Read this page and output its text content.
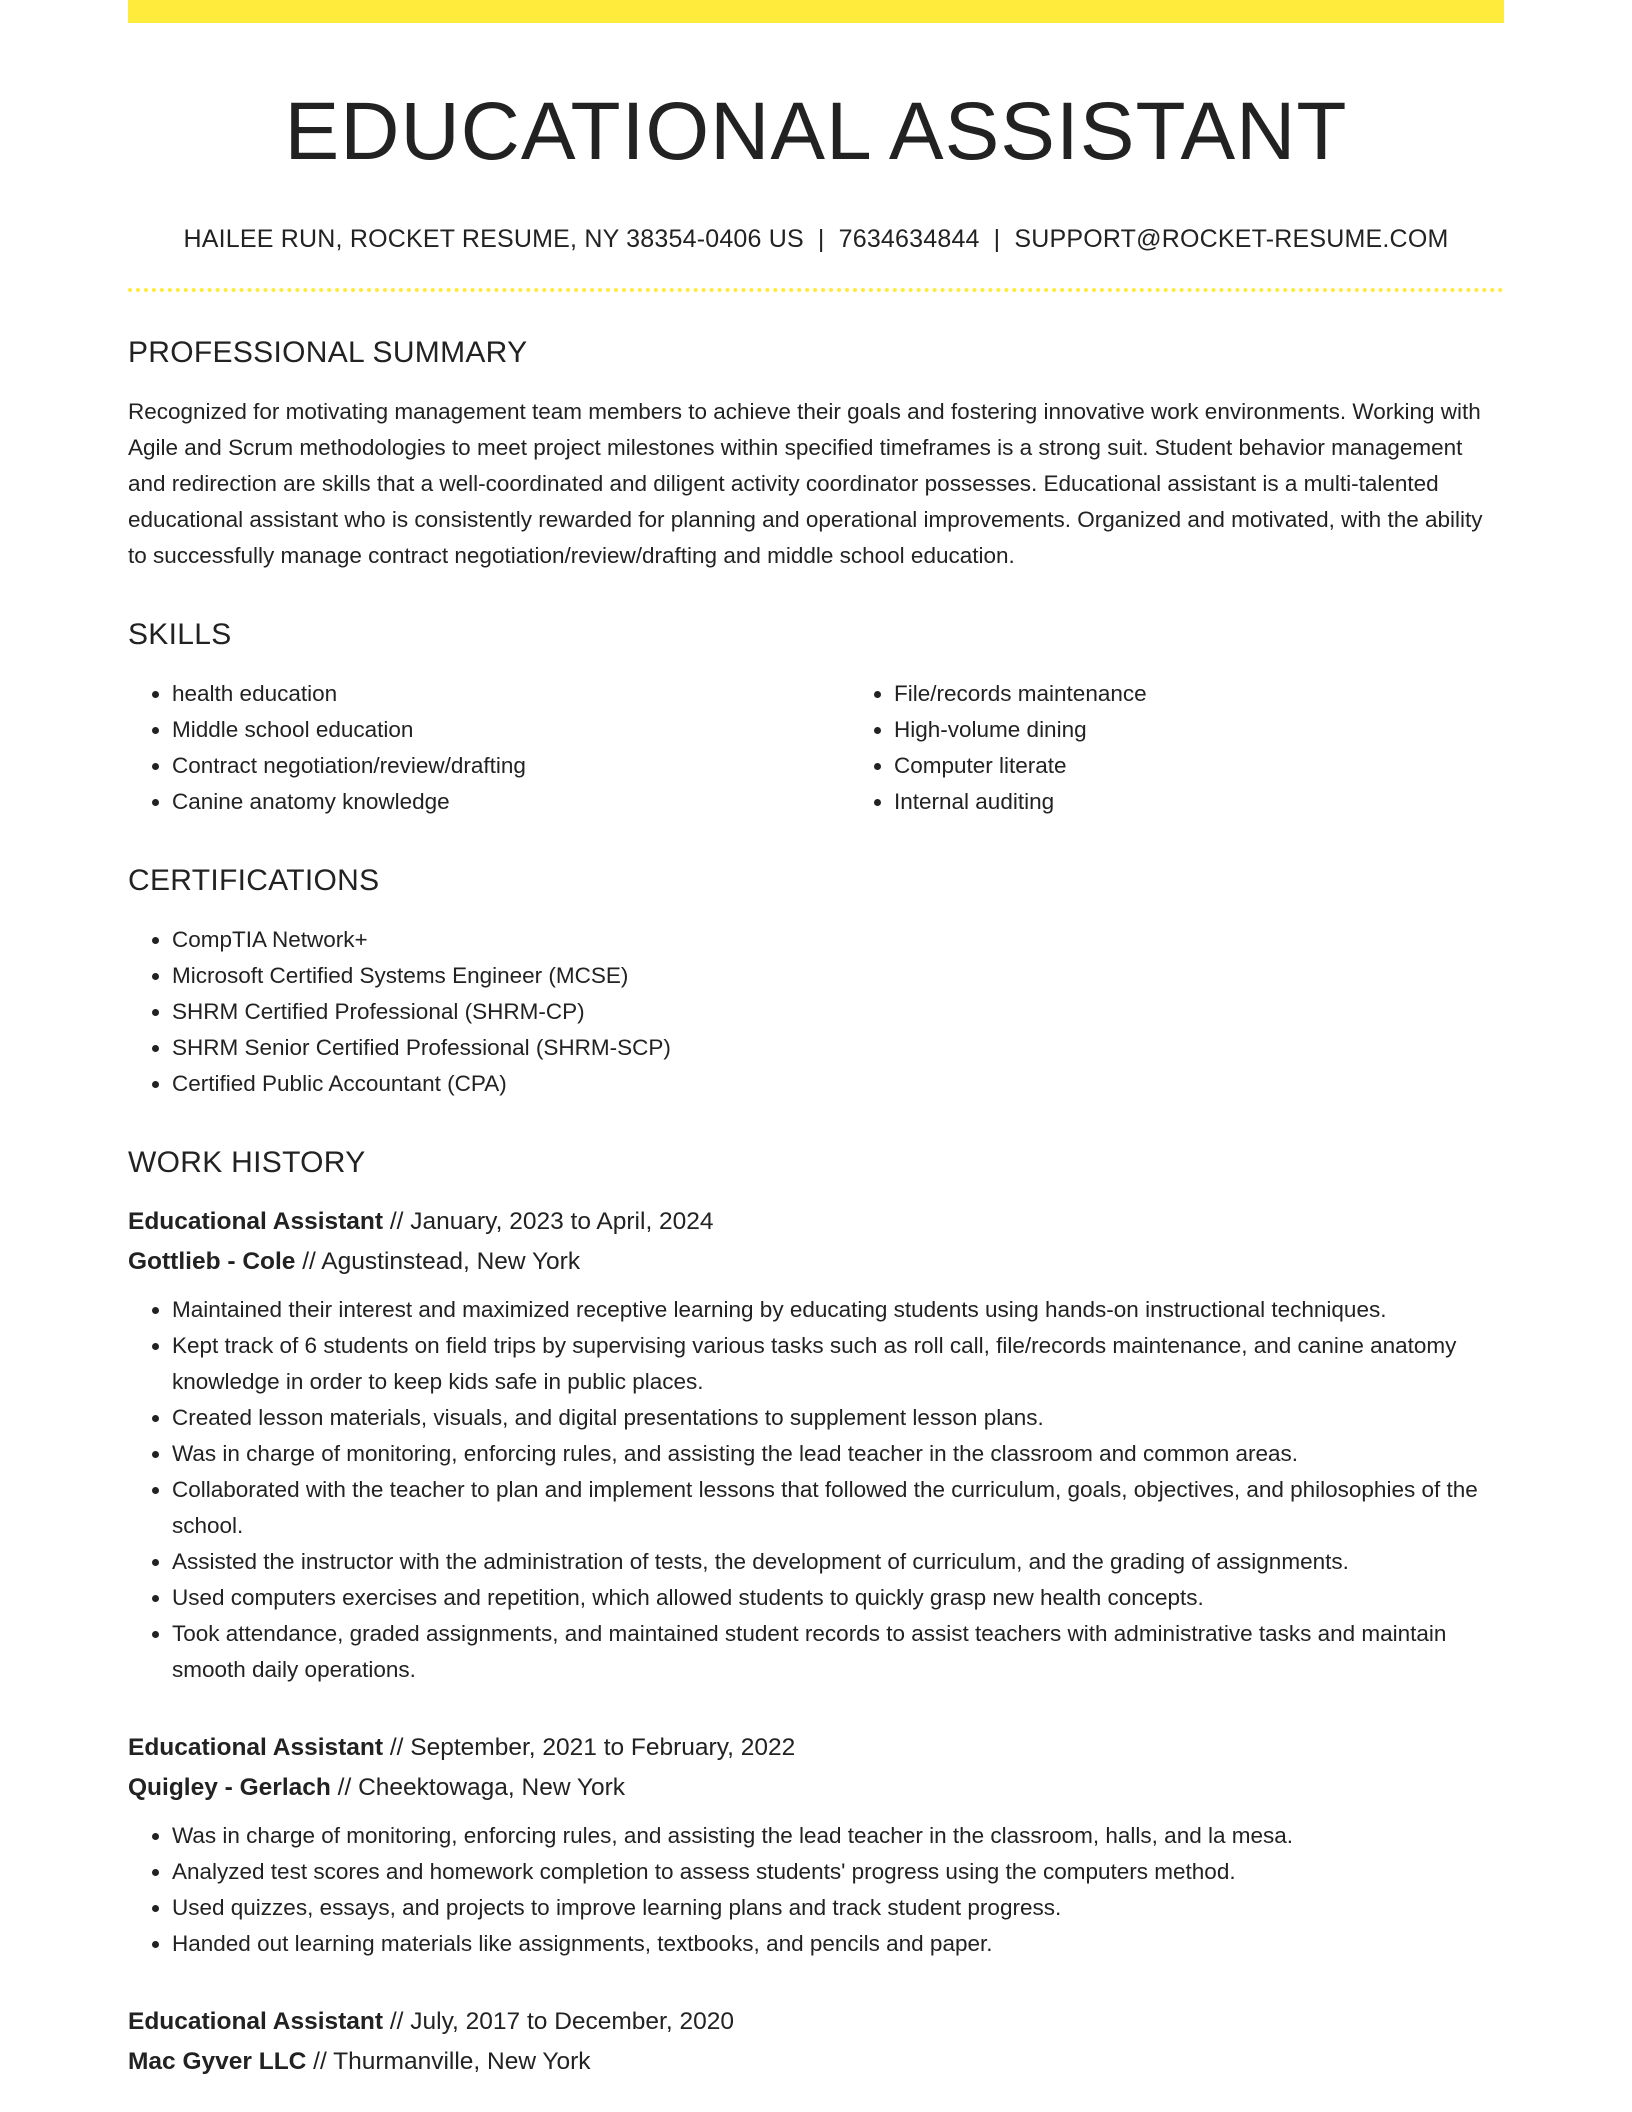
EDUCATIONAL ASSISTANT
HAILEE RUN, ROCKET RESUME, NY 38354-0406 US | 7634634844 | SUPPORT@ROCKET-RESUME.COM
PROFESSIONAL SUMMARY
Recognized for motivating management team members to achieve their goals and fostering innovative work environments. Working with Agile and Scrum methodologies to meet project milestones within specified timeframes is a strong suit. Student behavior management and redirection are skills that a well-coordinated and diligent activity coordinator possesses. Educational assistant is a multi-talented educational assistant who is consistently rewarded for planning and operational improvements. Organized and motivated, with the ability to successfully manage contract negotiation/review/drafting and middle school education.
SKILLS
• health education
• Middle school education
• Contract negotiation/review/drafting
• Canine anatomy knowledge
• File/records maintenance
• High-volume dining
• Computer literate
• Internal auditing
CERTIFICATIONS
• CompTIA Network+
• Microsoft Certified Systems Engineer (MCSE)
• SHRM Certified Professional (SHRM-CP)
• SHRM Senior Certified Professional (SHRM-SCP)
• Certified Public Accountant (CPA)
WORK HISTORY
Educational Assistant // January, 2023 to April, 2024
Gottlieb - Cole // Agustinstead, New York
• Maintained their interest and maximized receptive learning by educating students using hands-on instructional techniques.
• Kept track of 6 students on field trips by supervising various tasks such as roll call, file/records maintenance, and canine anatomy knowledge in order to keep kids safe in public places.
• Created lesson materials, visuals, and digital presentations to supplement lesson plans.
• Was in charge of monitoring, enforcing rules, and assisting the lead teacher in the classroom and common areas.
• Collaborated with the teacher to plan and implement lessons that followed the curriculum, goals, objectives, and philosophies of the school.
• Assisted the instructor with the administration of tests, the development of curriculum, and the grading of assignments.
• Used computers exercises and repetition, which allowed students to quickly grasp new health concepts.
• Took attendance, graded assignments, and maintained student records to assist teachers with administrative tasks and maintain smooth daily operations.
Educational Assistant // September, 2021 to February, 2022
Quigley - Gerlach // Cheektowaga, New York
• Was in charge of monitoring, enforcing rules, and assisting the lead teacher in the classroom, halls, and la mesa.
• Analyzed test scores and homework completion to assess students' progress using the computers method.
• Used quizzes, essays, and projects to improve learning plans and track student progress.
• Handed out learning materials like assignments, textbooks, and pencils and paper.
Educational Assistant // July, 2017 to December, 2020
Mac Gyver LLC // Thurmanville, New York
